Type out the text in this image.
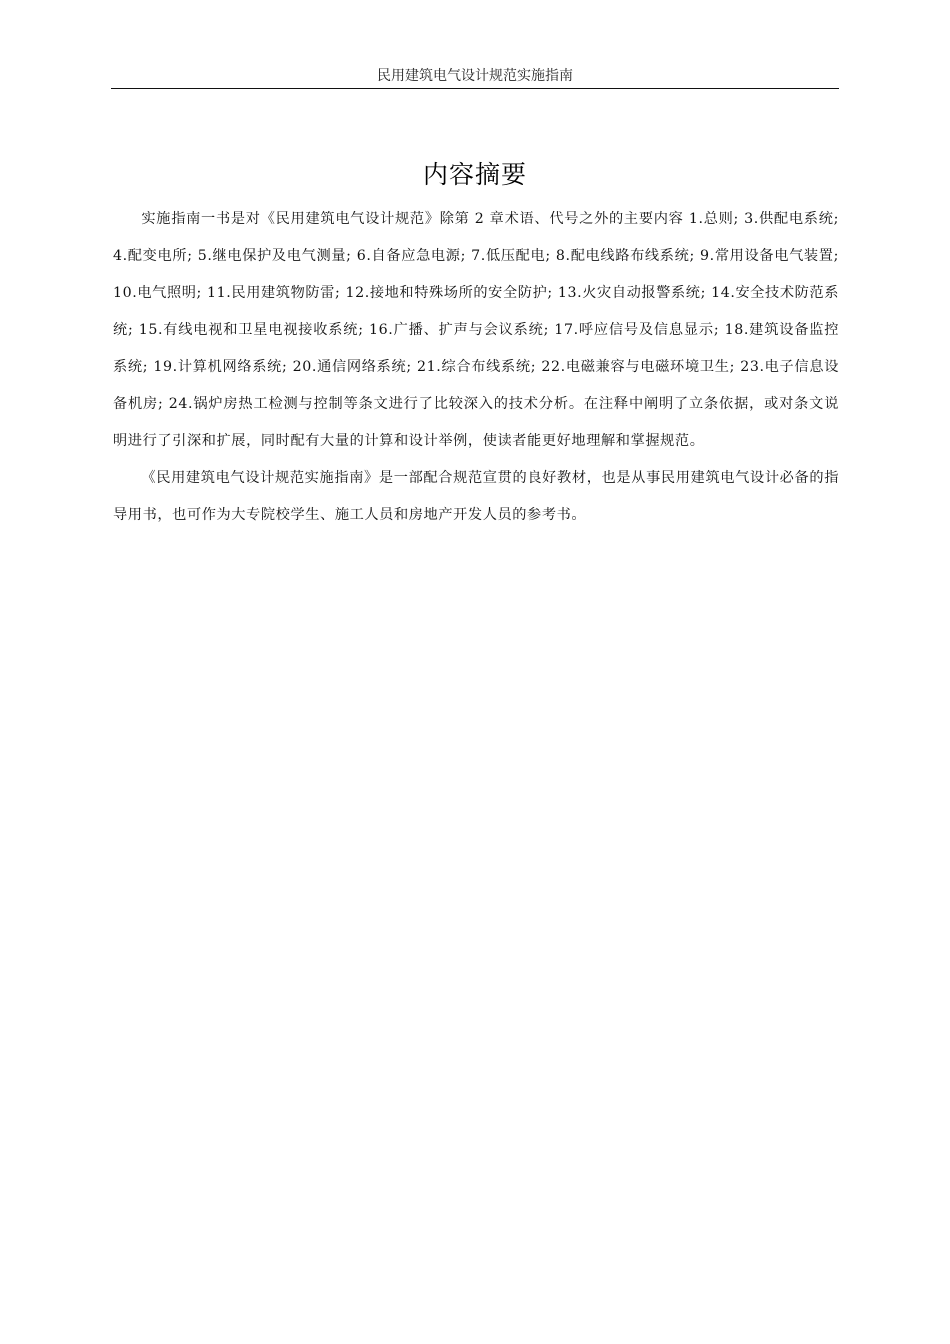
民用建筑电气设计规范实施指南
内容摘要

实施指南一书是对《民用建筑电气设计规范》除第 2 章术语、代号之外的主要内容 1.总则; 3.供配电系统; 4.配变电所; 5.继电保护及电气测量; 6.自备应急电源; 7.低压配电; 8.配电线路布线系统; 9.常用设备电气装置; 10.电气照明; 11.民用建筑物防雷; 12.接地和特殊场所的安全防护; 13.火灾自动报警系统; 14.安全技术防范系统; 15.有线电视和卫星电视接收系统; 16.广播、扩声与会议系统; 17.呼应信号及信息显示; 18.建筑设备监控系统; 19.计算机网络系统; 20.通信网络系统; 21.综合布线系统; 22.电磁兼容与电磁环境卫生; 23.电子信息设备机房; 24.锅炉房热工检测与控制等条文进行了比较深入的技术分析。在注释中阐明了立条依据，或对条文说明进行了引深和扩展，同时配有大量的计算和设计举例，使读者能更好地理解和掌握规范。

《民用建筑电气设计规范实施指南》是一部配合规范宣贯的良好教材，也是从事民用建筑电气设计必备的指导用书，也可作为大专院校学生、施工人员和房地产开发人员的参考书。
